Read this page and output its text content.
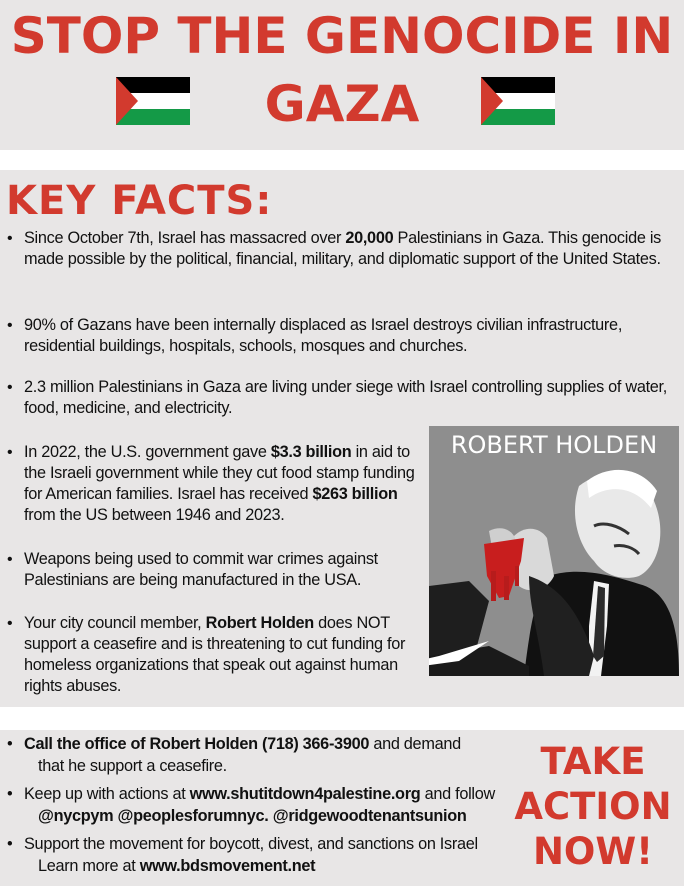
STOP THE GENOCIDE IN
GAZA
KEY FACTS:
• Since October 7th, Israel has massacred over 20,000 Palestinians in Gaza. This genocide is made possible by the political, financial, military, and diplomatic support of the United States.
• 90% of Gazans have been internally displaced as Israel destroys civilian infrastructure, residential buildings, hospitals, schools, mosques and churches.
• 2.3 million Palestinians in Gaza are living under siege with Israel controlling supplies of water, food, medicine, and electricity.
• In 2022, the U.S. government gave $3.3 billion in aid to the Israeli government while they cut food stamp funding for American families. Israel has received $263 billion from the US between 1946 and 2023.
• Weapons being used to commit war crimes against Palestinians are being manufactured in the USA.
• Your city council member, Robert Holden does NOT support a ceasefire and is threatening to cut funding for homeless organizations that speak out against human rights abuses.
ROBERT HOLDEN
• Call the office of Robert Holden (718) 366-3900 and demand
that he support a ceasefire.
• Keep up with actions at www.shutitdown4palestine.org and follow
@nycpym @peoplesforumnyc. @ridgewoodtenantsunion
• Support the movement for boycott, divest, and sanctions on Israel
Learn more at www.bdsmovement.net
TAKE
ACTION
NOW!
